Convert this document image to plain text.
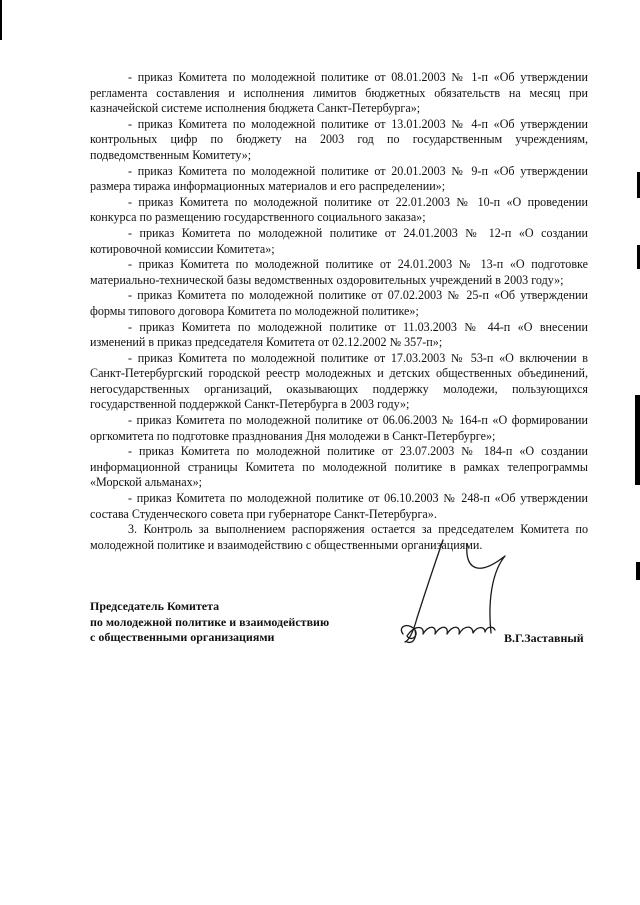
- приказ Комитета по молодежной политике от 08.01.2003 № 1-п «Об утверждении регламента составления и исполнения лимитов бюджетных обязательств на месяц при казначейской системе исполнения бюджета Санкт-Петербурга»;

- приказ Комитета по молодежной политике от 13.01.2003 № 4-п «Об утверждении контрольных цифр по бюджету на 2003 год по государственным учреждениям, подведомственным Комитету»;

- приказ Комитета по молодежной политике от 20.01.2003 № 9-п «Об утверждении размера тиража информационных материалов и его распределении»;

- приказ Комитета по молодежной политике от 22.01.2003 № 10-п «О проведении конкурса по размещению государственного социального заказа»;

- приказ Комитета по молодежной политике от 24.01.2003 № 12-п «О создании котировочной комиссии Комитета»;

- приказ Комитета по молодежной политике от 24.01.2003 № 13-п «О подготовке материально-технической базы ведомственных оздоровительных учреждений в 2003 году»;

- приказ Комитета по молодежной политике от 07.02.2003 № 25-п «Об утверждении формы типового договора Комитета по молодежной политике»;

- приказ Комитета по молодежной политике от 11.03.2003 № 44-п «О внесении изменений в приказ председателя Комитета от 02.12.2002 № 357-п»;

- приказ Комитета по молодежной политике от 17.03.2003 № 53-п «О включении в Санкт-Петербургский городской реестр молодежных и детских общественных объединений, негосударственных организаций, оказывающих поддержку молодежи, пользующихся государственной поддержкой Санкт-Петербурга в 2003 году»;

- приказ Комитета по молодежной политике от 06.06.2003 № 164-п «О формировании оргкомитета по подготовке празднования Дня молодежи в Санкт-Петербурге»;

- приказ Комитета по молодежной политике от 23.07.2003 № 184-п «О создании информационной страницы Комитета по молодежной политике в рамках телепрограммы «Морской альманах»;

- приказ Комитета по молодежной политике от 06.10.2003 № 248-п «Об утверждении состава Студенческого совета при губернаторе Санкт-Петербурга».

3. Контроль за выполнением распоряжения остается за председателем Комитета по молодежной политике и взаимодействию с общественными организациями.

Председатель Комитета
по молодежной политике и взаимодействию
с общественными организациями	В.Г.Заставный
